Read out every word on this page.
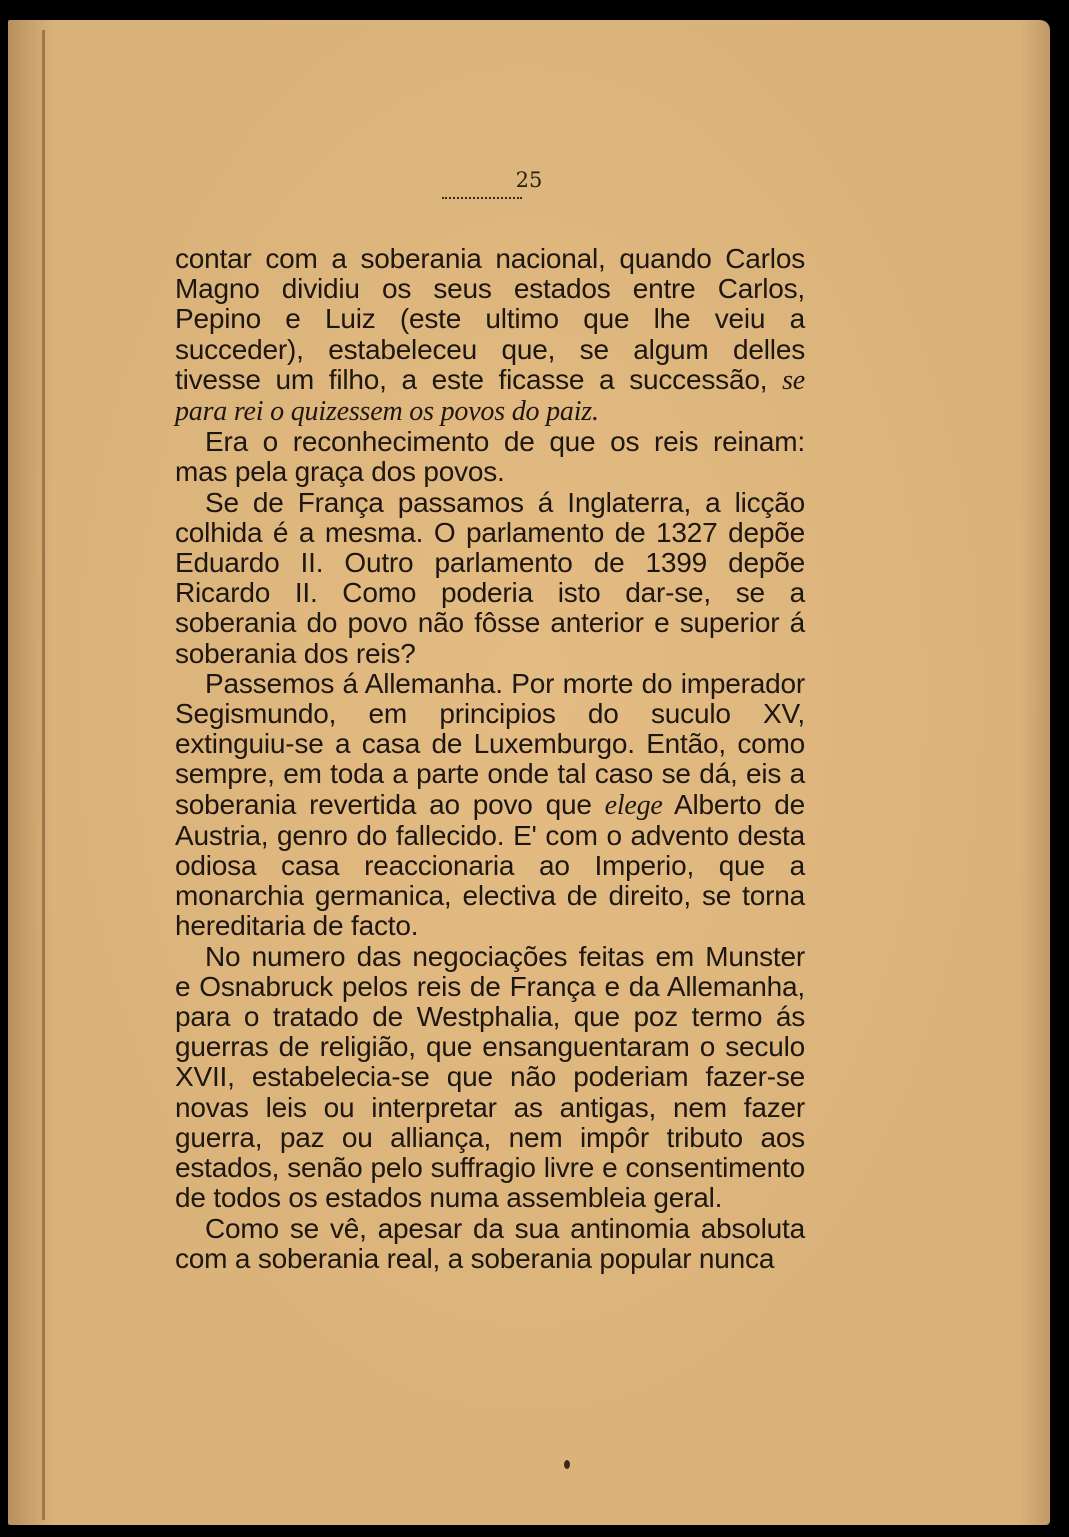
25

contar com a soberania nacional, quando Carlos Magno dividiu os seus estados entre Carlos, Pepino e Luiz (este ultimo que lhe veiu a succeder), estabeleceu que, se algum delles tivesse um filho, a este ficasse a successão, se para rei o quizessem os povos do paiz.

Era o reconhecimento de que os reis reinam: mas pela graça dos povos.

Se de França passamos á Inglaterra, a licção colhida é a mesma. O parlamento de 1327 depõe Eduardo II. Outro parlamento de 1399 depõe Ricardo II. Como poderia isto dar-se, se a soberania do povo não fôsse anterior e superior á soberania dos reis?

Passemos á Allemanha. Por morte do imperador Segismundo, em principios do suculo XV, extinguiu-se a casa de Luxemburgo. Então, como sempre, em toda a parte onde tal caso se dá, eis a soberania revertida ao povo que elege Alberto de Austria, genro do fallecido. E' com o advento desta odiosa casa reaccionaria ao Imperio, que a monarchia germanica, electiva de direito, se torna hereditaria de facto.

No numero das negociações feitas em Munster e Osnabruck pelos reis de França e da Allemanha, para o tratado de Westphalia, que poz termo ás guerras de religião, que ensanguentaram o seculo XVII, estabelecia-se que não poderiam fazer-se novas leis ou interpretar as antigas, nem fazer guerra, paz ou alliança, nem impôr tributo aos estados, senão pelo suffragio livre e consentimento de todos os estados numa assembleia geral.

Como se vê, apesar da sua antinomia absoluta com a soberania real, a soberania popular nunca
